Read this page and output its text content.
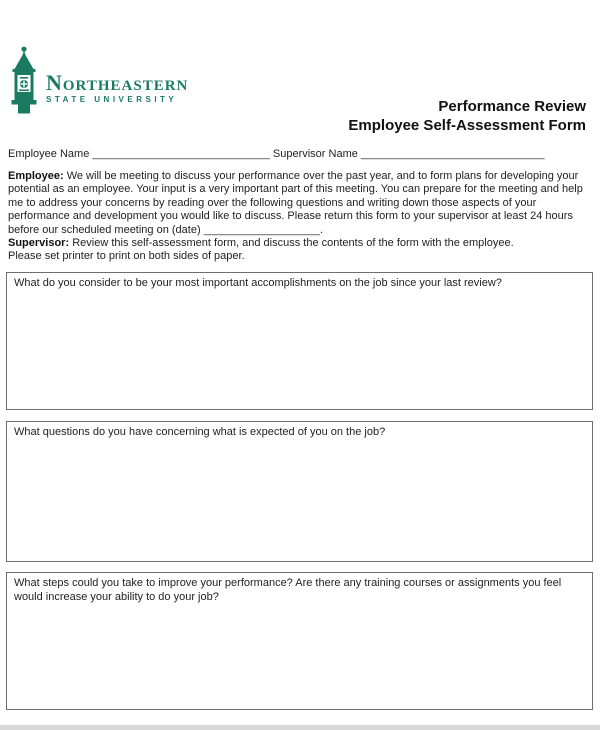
Northeastern
STATE UNIVERSITY	Performance Review
Employee Self-Assessment Form
Employee Name _____________________________ Supervisor Name ______________________________

Employee: We will be meeting to discuss your performance over the past year, and to form plans for developing your potential as an employee. Your input is a very important part of this meeting. You can prepare for the meeting and help me to address your concerns by reading over the following questions and writing down those aspects of your performance and development you would like to discuss. Please return this form to your supervisor at least 24 hours before our scheduled meeting on (date) ___________________.

Supervisor: Review this self-assessment form, and discuss the contents of the form with the employee.

Please set printer to print on both sides of paper.

What do you consider to be your most important accomplishments on the job since your last review?
What questions do you have concerning what is expected of you on the job?
What steps could you take to improve your performance? Are there any training courses or assignments you feel would increase your ability to do your job?
